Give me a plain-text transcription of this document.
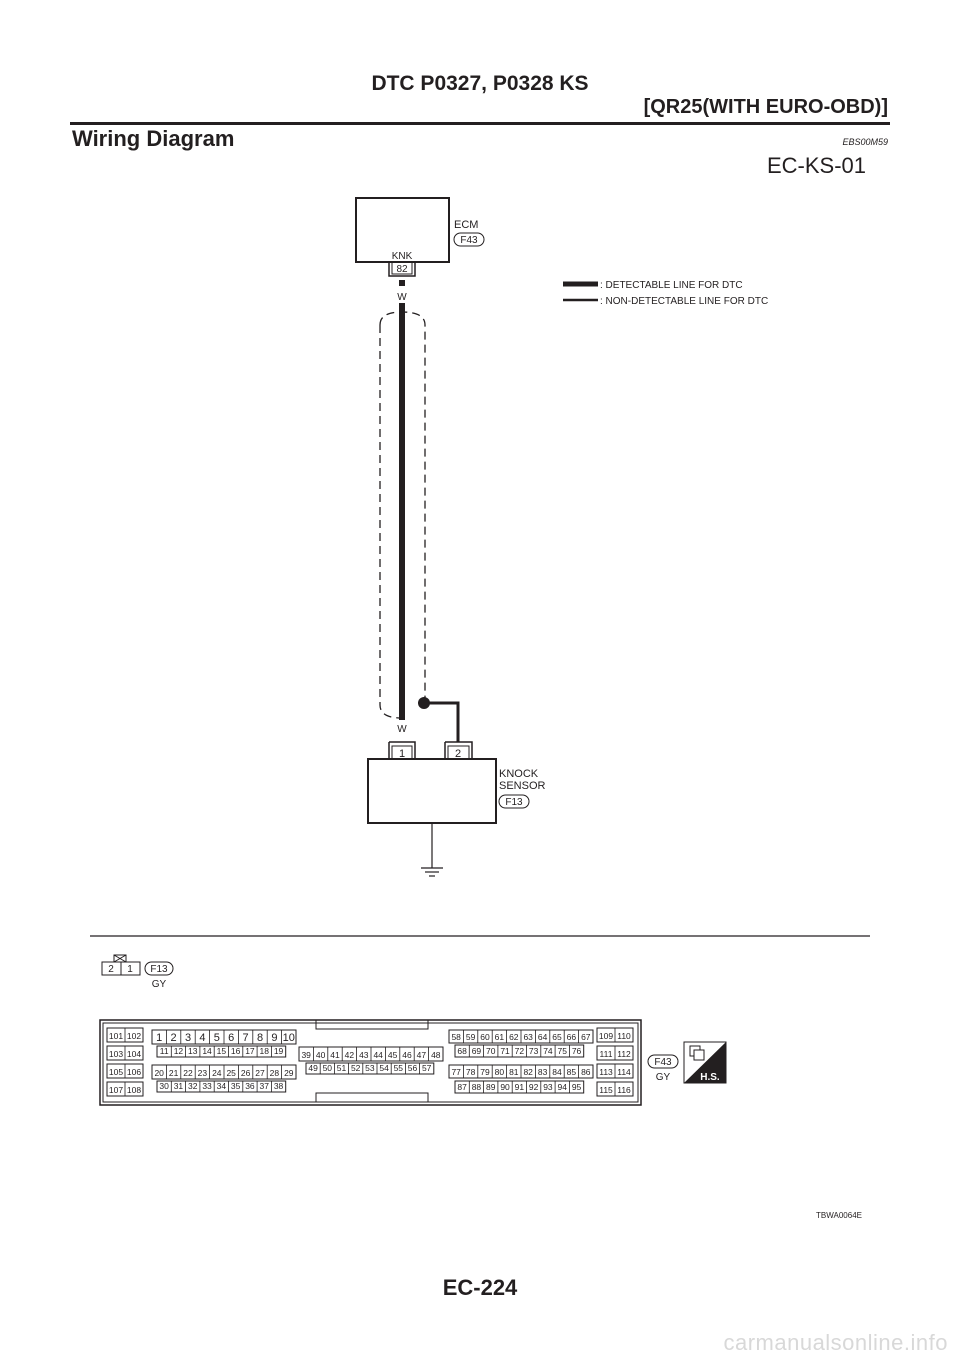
DTC P0327, P0328 KS
[QR25(WITH EURO-OBD)]
Wiring Diagram	EBS00M59
EC-KS-01
ECM
F43
KNK
82
W
: DETECTABLE LINE FOR DTC
: NON-DETECTABLE LINE FOR DTC
W
1	2
KNOCK
SENSOR
F13
2 1 F13
GY
101 102
103 104
105 106
107 108
109 110
111 112
113 114
115 116
1 2 3 4 5 6 7 8 9 10
11 12 13 14 15 16 17 18 19
20 21 22 23 24 25 26 27 28 29
30 31 32 33 34 35 36 37 38
39 40 41 42 43 44 45 46 47 48
49 50 51 52 53 54 55 56 57
58 59 60 61 62 63 64 65 66 67
68 69 70 71 72 73 74 75 76
77 78 79 80 81 82 83 84 85 86
87 88 89 90 91 92 93 94 95
F43
GY	H.S.
TBWA0064E
EC-224
carmanualsonline.info
